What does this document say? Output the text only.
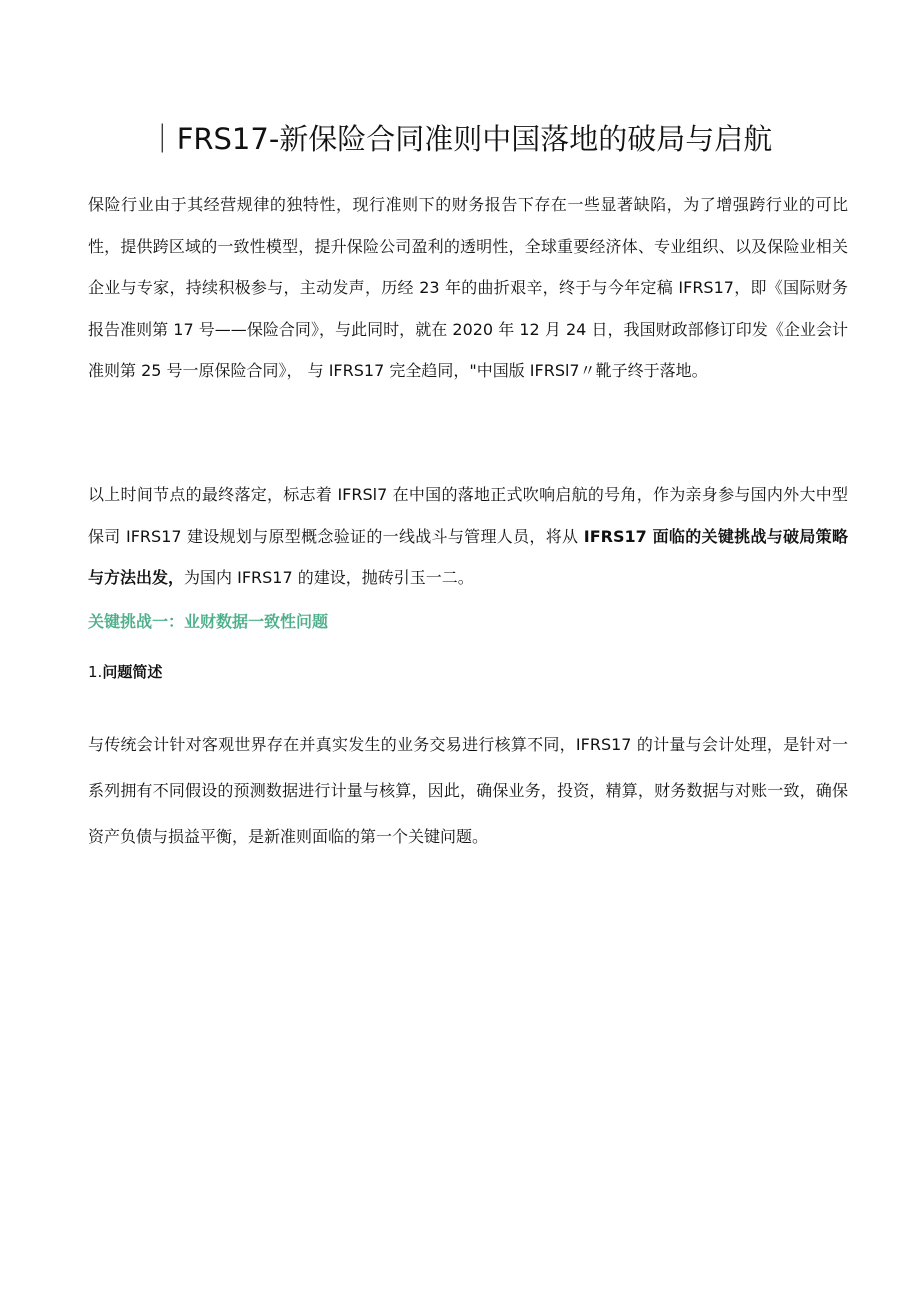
｜FRS17-新保险合同准则中国落地的破局与启航

保险行业由于其经营规律的独特性，现行准则下的财务报告下存在一些显著缺陷，为了增强跨行业的可比性，提供跨区域的一致性模型，提升保险公司盈利的透明性，全球重要经济体、专业组织、以及保险业相关企业与专家，持续积极参与，主动发声，历经 23 年的曲折艰辛，终于与今年定稿 IFRS17，即《国际财务报告准则第 17 号——保险合同》，与此同时，就在 2020 年 12 月 24 日，我国财政部修订印发《企业会计准则第 25 号一原保险合同》， 与 IFRS17 完全趋同，"中国版 IFRSl7〃靴子终于落地。

以上时间节点的最终落定，标志着 IFRSl7 在中国的落地正式吹响启航的号角，作为亲身参与国内外大中型保司 IFRS17 建设规划与原型概念验证的一线战斗与管理人员，将从 IFRS17 面临的关键挑战与破局策略与方法出发，为国内 IFRS17 的建设，抛砖引玉一二。

关键挑战一：业财数据一致性问题
1.问题简述

与传统会计针对客观世界存在并真实发生的业务交易进行核算不同，IFRS17 的计量与会计处理，是针对一系列拥有不同假设的预测数据进行计量与核算，因此，确保业务，投资，精算，财务数据与对账一致，确保资产负债与损益平衡，是新准则面临的第一个关键问题。
